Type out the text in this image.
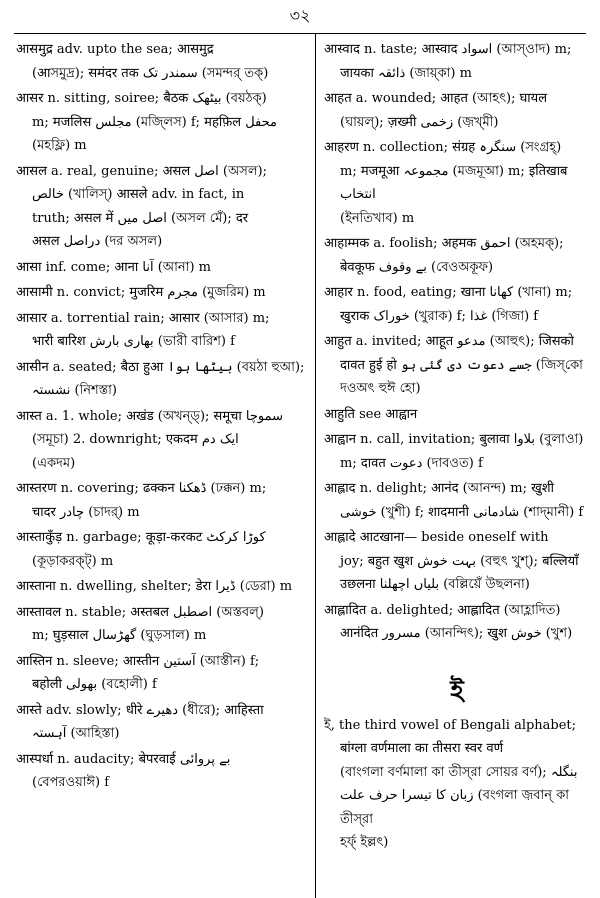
৩২
आसमुद्र adv. upto the sea; आसमुद्र
(आসমুদ্র); समंदर तक سمندر تک (সমন্দর্ তক্)
आसर n. sitting, soiree; बैठक بیٹھک (বয়ঠক্)
m; मजलिस مجلس (মজ্লিস) f; महफ़िल محفل
(মহফ্লি) m
आसल a. real, genuine; असल اصل (অসল);
خالص (খালিস্) आसले adv. in fact, in
truth; असल में اصل میں (অসল মেঁ); दर
असल دراصل (দর অসল)
आसा inf. come; आना آنا (আনা) m
आसामी n. convict; मुजरिम مجرم (মুজরিম) m
आसार a. torrential rain; आसार (আসার) m;
भारी बारिश بھاری بارش (ভারী বারিশ) f
आसीन a. seated; बैठा हुआ بیٹھا ہوا (বয়ঠা হুআ);
نشستہ (নিশস্তা)
आस्त a. 1. whole; अखंड (অখন্ড্); समूचा سموچا
(সমূচা) 2. downright; एकदम ایک دم
(একদম)
आस्तरण n. covering; ढक्कन ڈھکنا (ঢক্কন) m;
चादर چادر (চাদর্) m
आस्ताकुँड़ n. garbage; कूड़ा-करकट کوڑا کرکٹ
(কূড়াকরক্‌ট্) m
आस्ताना n. dwelling, shelter; डेरा ڈیرا (ডেরা) m
आस्तावल n. stable; अस्तबल اصطبل (অস্তবল্)
m; घुड़साल گھڑسال (ঘুড়সাল) m
आस्तिन n. sleeve; आस्तीन آستین (আস্তীন) f;
बहोली بھولی (বহোলী) f
आस्ते adv. slowly; धीरे دھیرے (ধীরে); आहिस्ता
آہستہ (আহিস্তা)
आस्पर्धा n. audacity; बेपरवाई بے پروائی
(বেপরওয়াঈ) f
आस्वाद n. taste; आस्वाद اسواد (আস্‌ওাদ) m;
जायका ذائقہ (জায়্‌কা) m
आहत a. wounded; आहत (আহৎ); घायल
(ঘায়ল্); ज़ख्मी زخمی (জ়খ্‌মী)
आहरण n. collection; संग्रह سنگرہ (সংগ্রহ্)
m; मजमूआ مجموعہ (মজমূআ) m; इतिखाब انتخاب
(ইনতিখাব) m
आहाम्मक a. foolish; अहमक احمق (অহমক্);
बेवकूफ بے وقوف (বেওঅকূফ)
आहार n. food, eating; खाना کھانا (খানা) m;
खुराक خوراک (খুরাক) f; غذا (গিজা) f
आहुत a. invited; आहूत مدعو (আহুৎ); जिसको
दावत हुई हो جسے دعوت دی گئی ہو (জিস্‌কো
দওঅৎ হুঈ হো)
आहुति see आह्वान
आह्वान n. call, invitation; बुलावा بلاوا (বুলাওা)
m; दावत دعوت (দাবওত) f
आह्लाद n. delight; आनंद (আনন্দ) m; खुशी
خوشی (খুশী) f; शादमानी شادمانی (শাদ্‌মানী) f
आह्लादे आटखाना— beside oneself with
joy; बहुत खुश بہت خوش (বহুৎ খুশ্); बल्लियाँ
उछलना بلیاں اچھلنا (বল্লিয়েঁ উছলনা)
आह्लादित a. delighted; आह्लादित (আহ্লাদিত)
आनंदित مسرور (আনন্দিৎ); खुश خوش (খুশ)
ই
ই, the third vowel of Bengali alphabet;
बांग्ला वर्णमाला का तीसरा स्वर वर्ण
(বাংগলা বর্ণমালা কা তীস্‌রা সোয়র বর্ণ); بنگلہ
زبان کا تیسرا حرف علت (বংগলা জ়বান্ কা তীস্‌রা
হর্ফ্ ইল্লৎ)
